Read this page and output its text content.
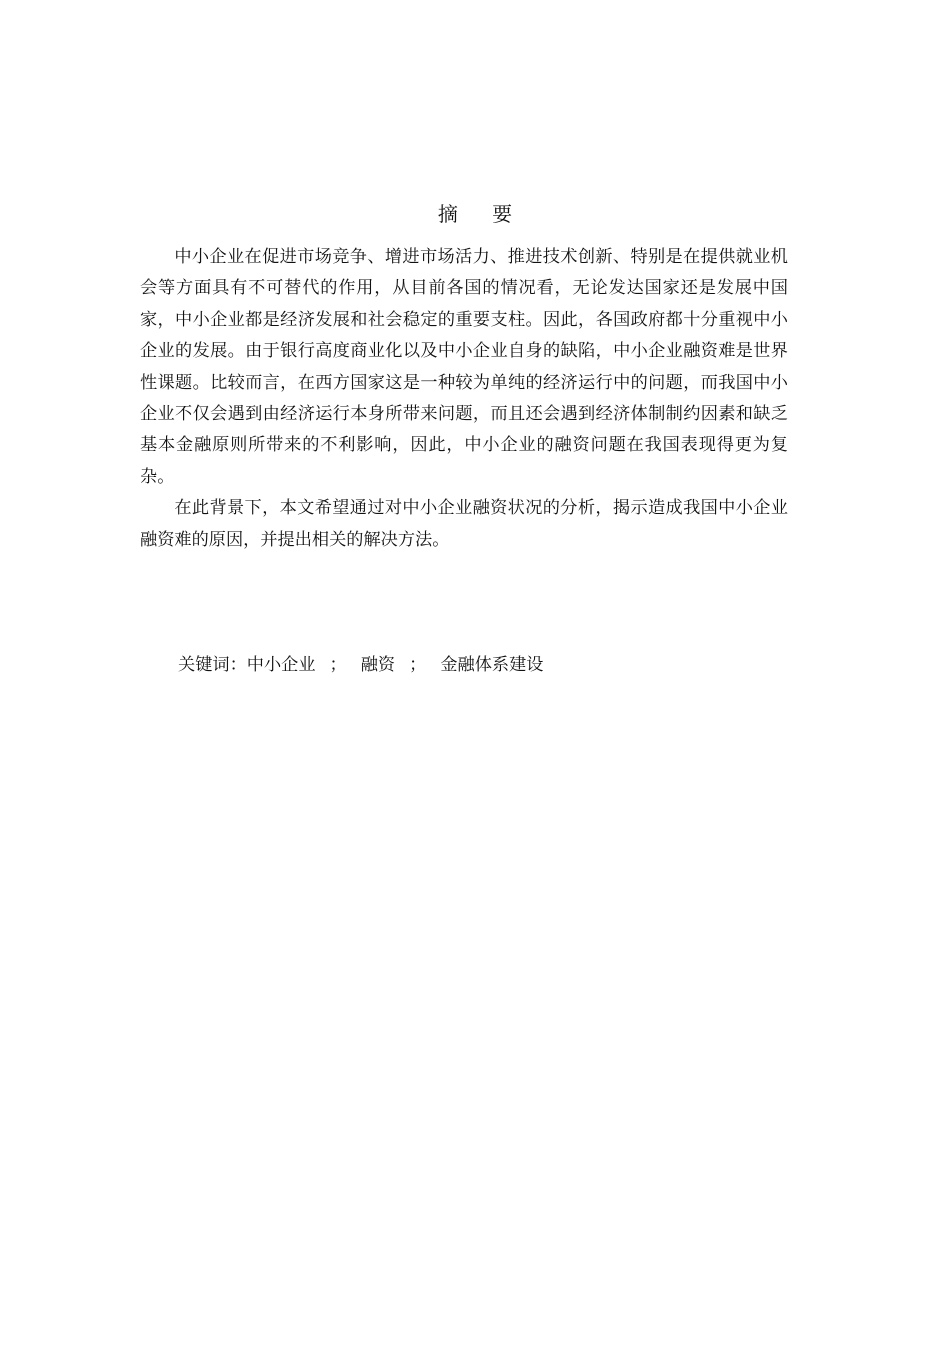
摘 要

中小企业在促进市场竞争、增进市场活力、推进技术创新、特别是在提供就业机会等方面具有不可替代的作用，从目前各国的情况看，无论发达国家还是发展中国家，中小企业都是经济发展和社会稳定的重要支柱。因此，各国政府都十分重视中小企业的发展。由于银行高度商业化以及中小企业自身的缺陷，中小企业融资难是世界性课题。比较而言，在西方国家这是一种较为单纯的经济运行中的问题，而我国中小企业不仅会遇到由经济运行本身所带来问题，而且还会遇到经济体制制约因素和缺乏基本金融原则所带来的不利影响，因此，中小企业的融资问题在我国表现得更为复杂。

在此背景下，本文希望通过对中小企业融资状况的分析，揭示造成我国中小企业融资难的原因，并提出相关的解决方法。

关键词：中小企业 ； 融资 ； 金融体系建设
